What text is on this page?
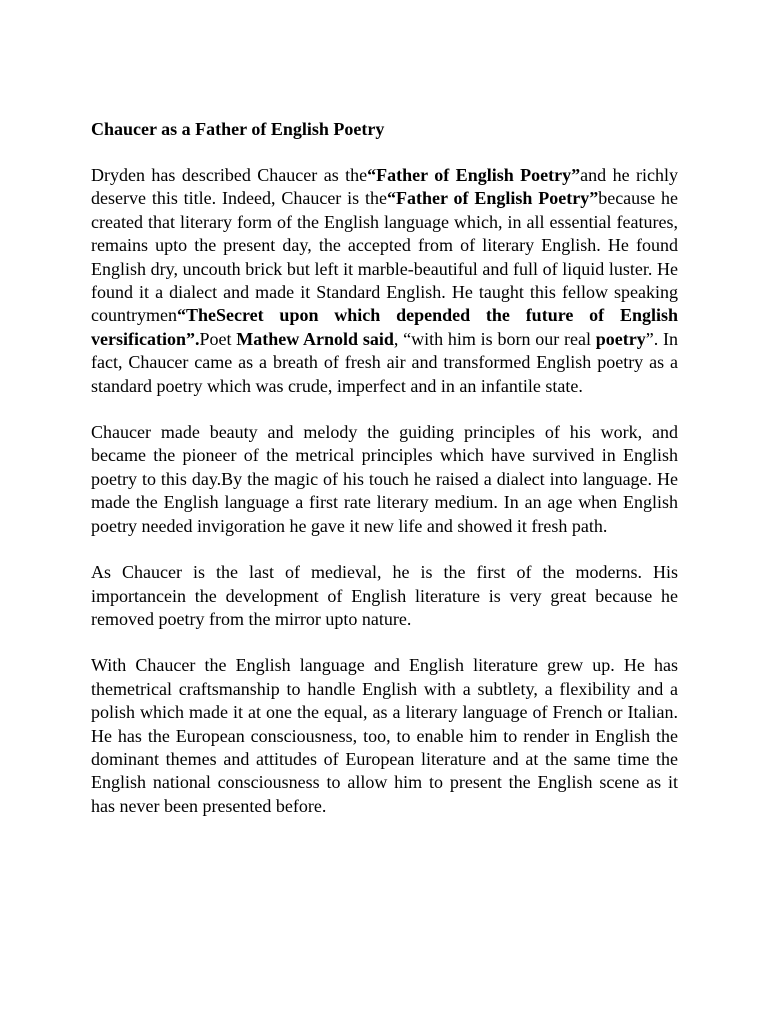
Chaucer as a Father of English Poetry

Dryden has described Chaucer as the“Father of English Poetry”and he richly deserve this title. Indeed, Chaucer is the“Father of English Poetry”because he created that literary form of the English language which, in all essential features, remains upto the present day, the accepted from of literary English. He found English dry, uncouth brick but left it marble-beautiful and full of liquid luster. He found it a dialect and made it Standard English. He taught this fellow speaking countrymen“TheSecret upon which depended the future of English versification”.Poet Mathew Arnold said, “with him is born our real poetry”. In fact, Chaucer came as a breath of fresh air and transformed English poetry as a standard poetry which was crude, imperfect and in an infantile state.

Chaucer made beauty and melody the guiding principles of his work, and became the pioneer of the metrical principles which have survived in English poetry to this day.By the magic of his touch he raised a dialect into language. He made the English language a first rate literary medium. In an age when English poetry needed invigoration he gave it new life and showed it fresh path.

As Chaucer is the last of medieval, he is the first of the moderns. His importancein the development of English literature is very great because he removed poetry from the mirror upto nature.

With Chaucer the English language and English literature grew up. He has themetrical craftsmanship to handle English with a subtlety, a flexibility and a polish which made it at one the equal, as a literary language of French or Italian. He has the European consciousness, too, to enable him to render in English the dominant themes and attitudes of European literature and at the same time the English national consciousness to allow him to present the English scene as it has never been presented before.
